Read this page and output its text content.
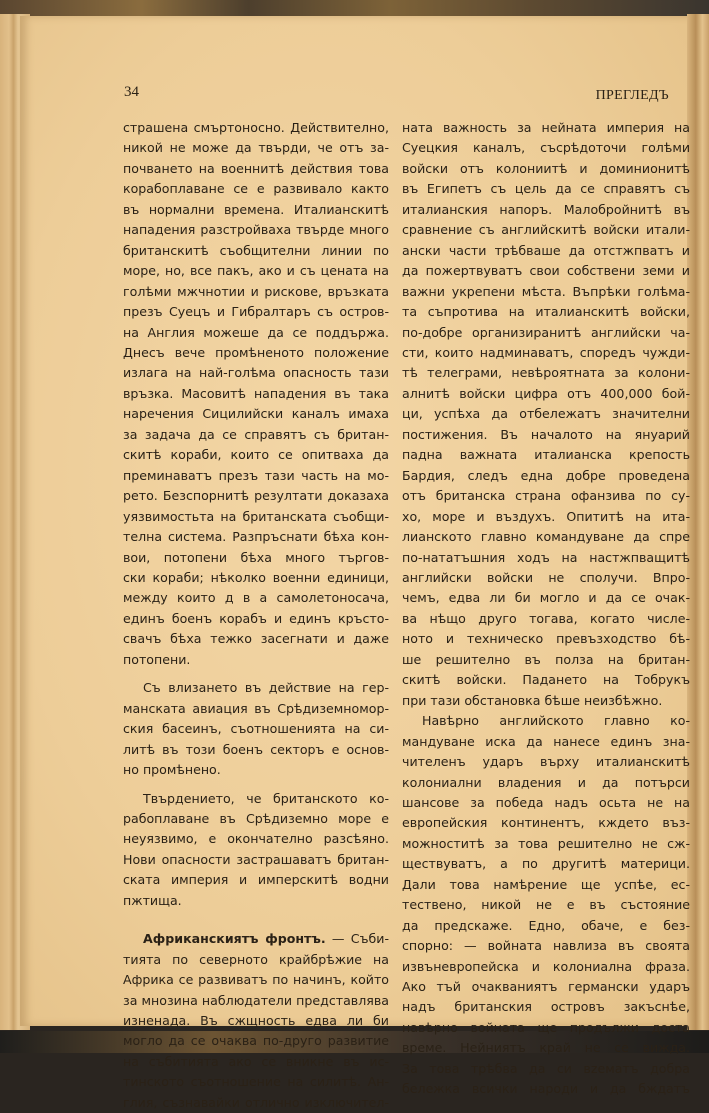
34	ПРЕГЛЕДЪ

страшена смъртоносно. Действително,
никой не може да твърди, че отъ за-
почването на военнитѣ действия това
корабоплаване се е развивало както
въ нормални времена. Италианскитѣ
нападения разстройваха твърде много
британскитѣ съобщителни линии по
море, но, все пакъ, ако и съ цената на
голѣми мжчнотии и рискове, връзката
презъ Суецъ и Гибралтаръ съ остров-
на Англия можеше да се поддържа.
Днесъ вече промѣненото положение
излага на най-голѣма опасность тази
връзка. Масовитѣ нападения въ така
наречения Сицилийски каналъ имаха
за задача да се справятъ съ британ-
скитѣ кораби, които се опитваха да
преминаватъ презъ тази часть на мо-
рето. Безспорнитѣ резултати доказаха
уязвимостьта на британската съобщи-
телна система. Разпръснати бѣха кон-
вои, потопени бѣха много търгов-
ски кораби; нѣколко военни единици,
между които д в а самолетоносача,
единъ боенъ корабъ и единъ кръсто-
свачъ бѣха тежко засегнати и даже
потопени.

Съ влизането въ действие на гер-
манската авиация въ Срѣдиземномор-
ския басеинъ, съотношенията на си-
литѣ въ този боенъ секторъ е основ-
но промѣнено.

Твърдението, че британското ко-
рабоплаване въ Срѣдиземно море е
неуязвимо, е окончателно разсѣяно.
Нови опасности застрашаватъ британ-
ската империя и имперскитѣ водни
пжтища.

Африканскиятъ фронтъ. — Съби-
тията по северното крайбрѣжие на
Африка се развиватъ по начинъ, който
за мнозина наблюдатели представлява
изненада. Въ сжщность едва ли би
могло да се очаква по-друго развитие
на събитията ако се вникне въ ис-
тинското съотношение на силитѣ. Ан-
глия, съзнавайки отлично изключител-

ната важность за нейната империя на
Суецкия каналъ, съсрѣдоточи голѣми
войски отъ колониитѣ и доминионитѣ
въ Египетъ съ цель да се справятъ съ
италианския напоръ. Малобройнитѣ въ
сравнение съ английскитѣ войски итали-
ански части трѣбваше да отстжпватъ и
да пожертвуватъ свои собствени земи и
важни укрепени мѣста. Въпрѣки голѣма-
та съпротива на италианскитѣ войски,
по-добре организиранитѣ английски ча-
сти, които надминаватъ, споредъ чужди-
тѣ телеграми, невѣроятната за колони-
алнитѣ войски цифра отъ 400,000 бой-
ци, успѣха да отбележатъ значителни
постижения. Въ началото на януарий
падна важната италианска крепость
Бардия, следъ една добре проведена
отъ британска страна офанзива по су-
хо, море и въздухъ. Опититѣ на ита-
лианското главно командуване да спре
по-нататъшния ходъ на настжпващитѣ
английски войски не сполучи. Впро-
чемъ, едва ли би могло и да се очак-
ва нѣщо друго тогава, когато числе-
ното и техническо превъзходство бѣ-
ше решително въ полза на британ-
скитѣ войски. Падането на Тобрукъ
при тази обстановка бѣше неизбѣжно.

Навѣрно английското главно ко-
мандуване иска да нанесе единъ зна-
чителенъ ударъ върху италианскитѣ
колониални владения и да потърси
шансове за победа надъ осьта не на
европейския континентъ, кждето въз-
можноститѣ за това решително не сж-
ществуватъ, а по другитѣ материци.
Дали това намѣрение ще успѣе, ес-
тествено, никой не е въ състояние
да предскаже. Едно, обаче, е без-
спорно: — войната навлиза въ своята
извъневропейска и колониална фраза.
Ако тъй очакваниятъ германски ударъ
надъ британския островъ закъснѣе,
навѣрно войната ще продължи доста
време. Нейниятъ край не се вижда.
За това трѣбва да си вzематъ добра
бележка всички народи и да бждатъ
